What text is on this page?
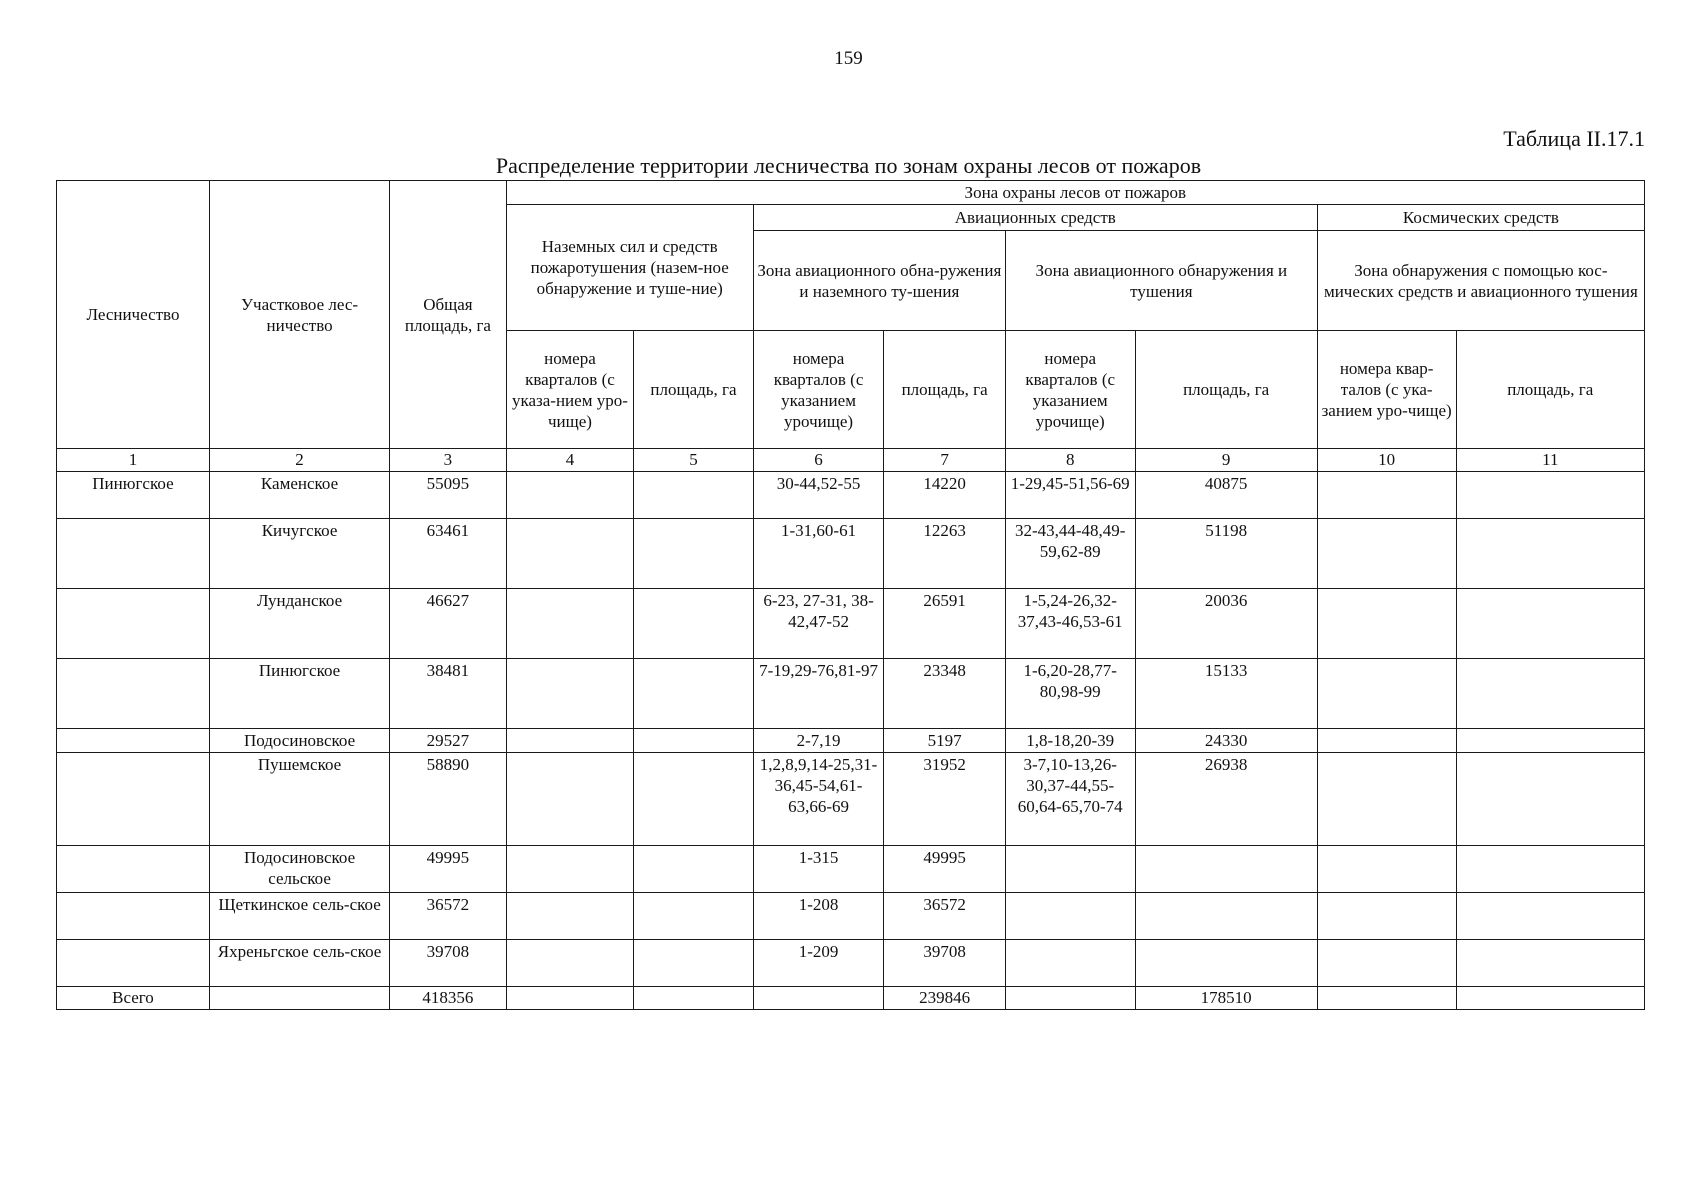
159
Таблица II.17.1
Распределение территории лесничества по зонам охраны лесов от пожаров
Лесничество	Участковое лес-ничество	Общая площадь, га	Зона охраны лесов от пожаров							
			Наземных сил и средств пожаротушения (назем-ное обнаружение и туше-ние)		Авиационных средств				Космических средств	
					Зона авиационного обна-ружения и наземного ту-шения		Зона авиационного обнаружения и тушения		Зона обнаружения с помощью кос-мических средств и авиационного тушения	
			номера кварталов (с указа-нием уро-чище)	площадь, га	номера кварталов (с указанием урочище)	площадь, га	номера кварталов (с указанием урочище)	площадь, га	номера квар-талов (с ука-занием уро-чище)	площадь, га
1	2	3	4	5	6	7	8	9	10	11
Пинюгское	Каменское	55095			30-44,52-55	14220	1-29,45-51,56-69	40875		
	Кичугское	63461			1-31,60-61	12263	32-43,44-48,49-59,62-89	51198		
	Лунданское	46627			6-23, 27-31, 38-42,47-52	26591	1-5,24-26,32-37,43-46,53-61	20036		
	Пинюгское	38481			7-19,29-76,81-97	23348	1-6,20-28,77-80,98-99	15133		
	Подосиновское	29527			2-7,19	5197	1,8-18,20-39	24330		
	Пушемское	58890			1,2,8,9,14-25,31-36,45-54,61-63,66-69	31952	3-7,10-13,26-30,37-44,55-60,64-65,70-74	26938		
	Подосиновское сельское	49995			1-315	49995				
	Щеткинское сель-ское	36572			1-208	36572				
	Яхреньгское сель-ское	39708			1-209	39708				
Всего		418356				239846		178510		
